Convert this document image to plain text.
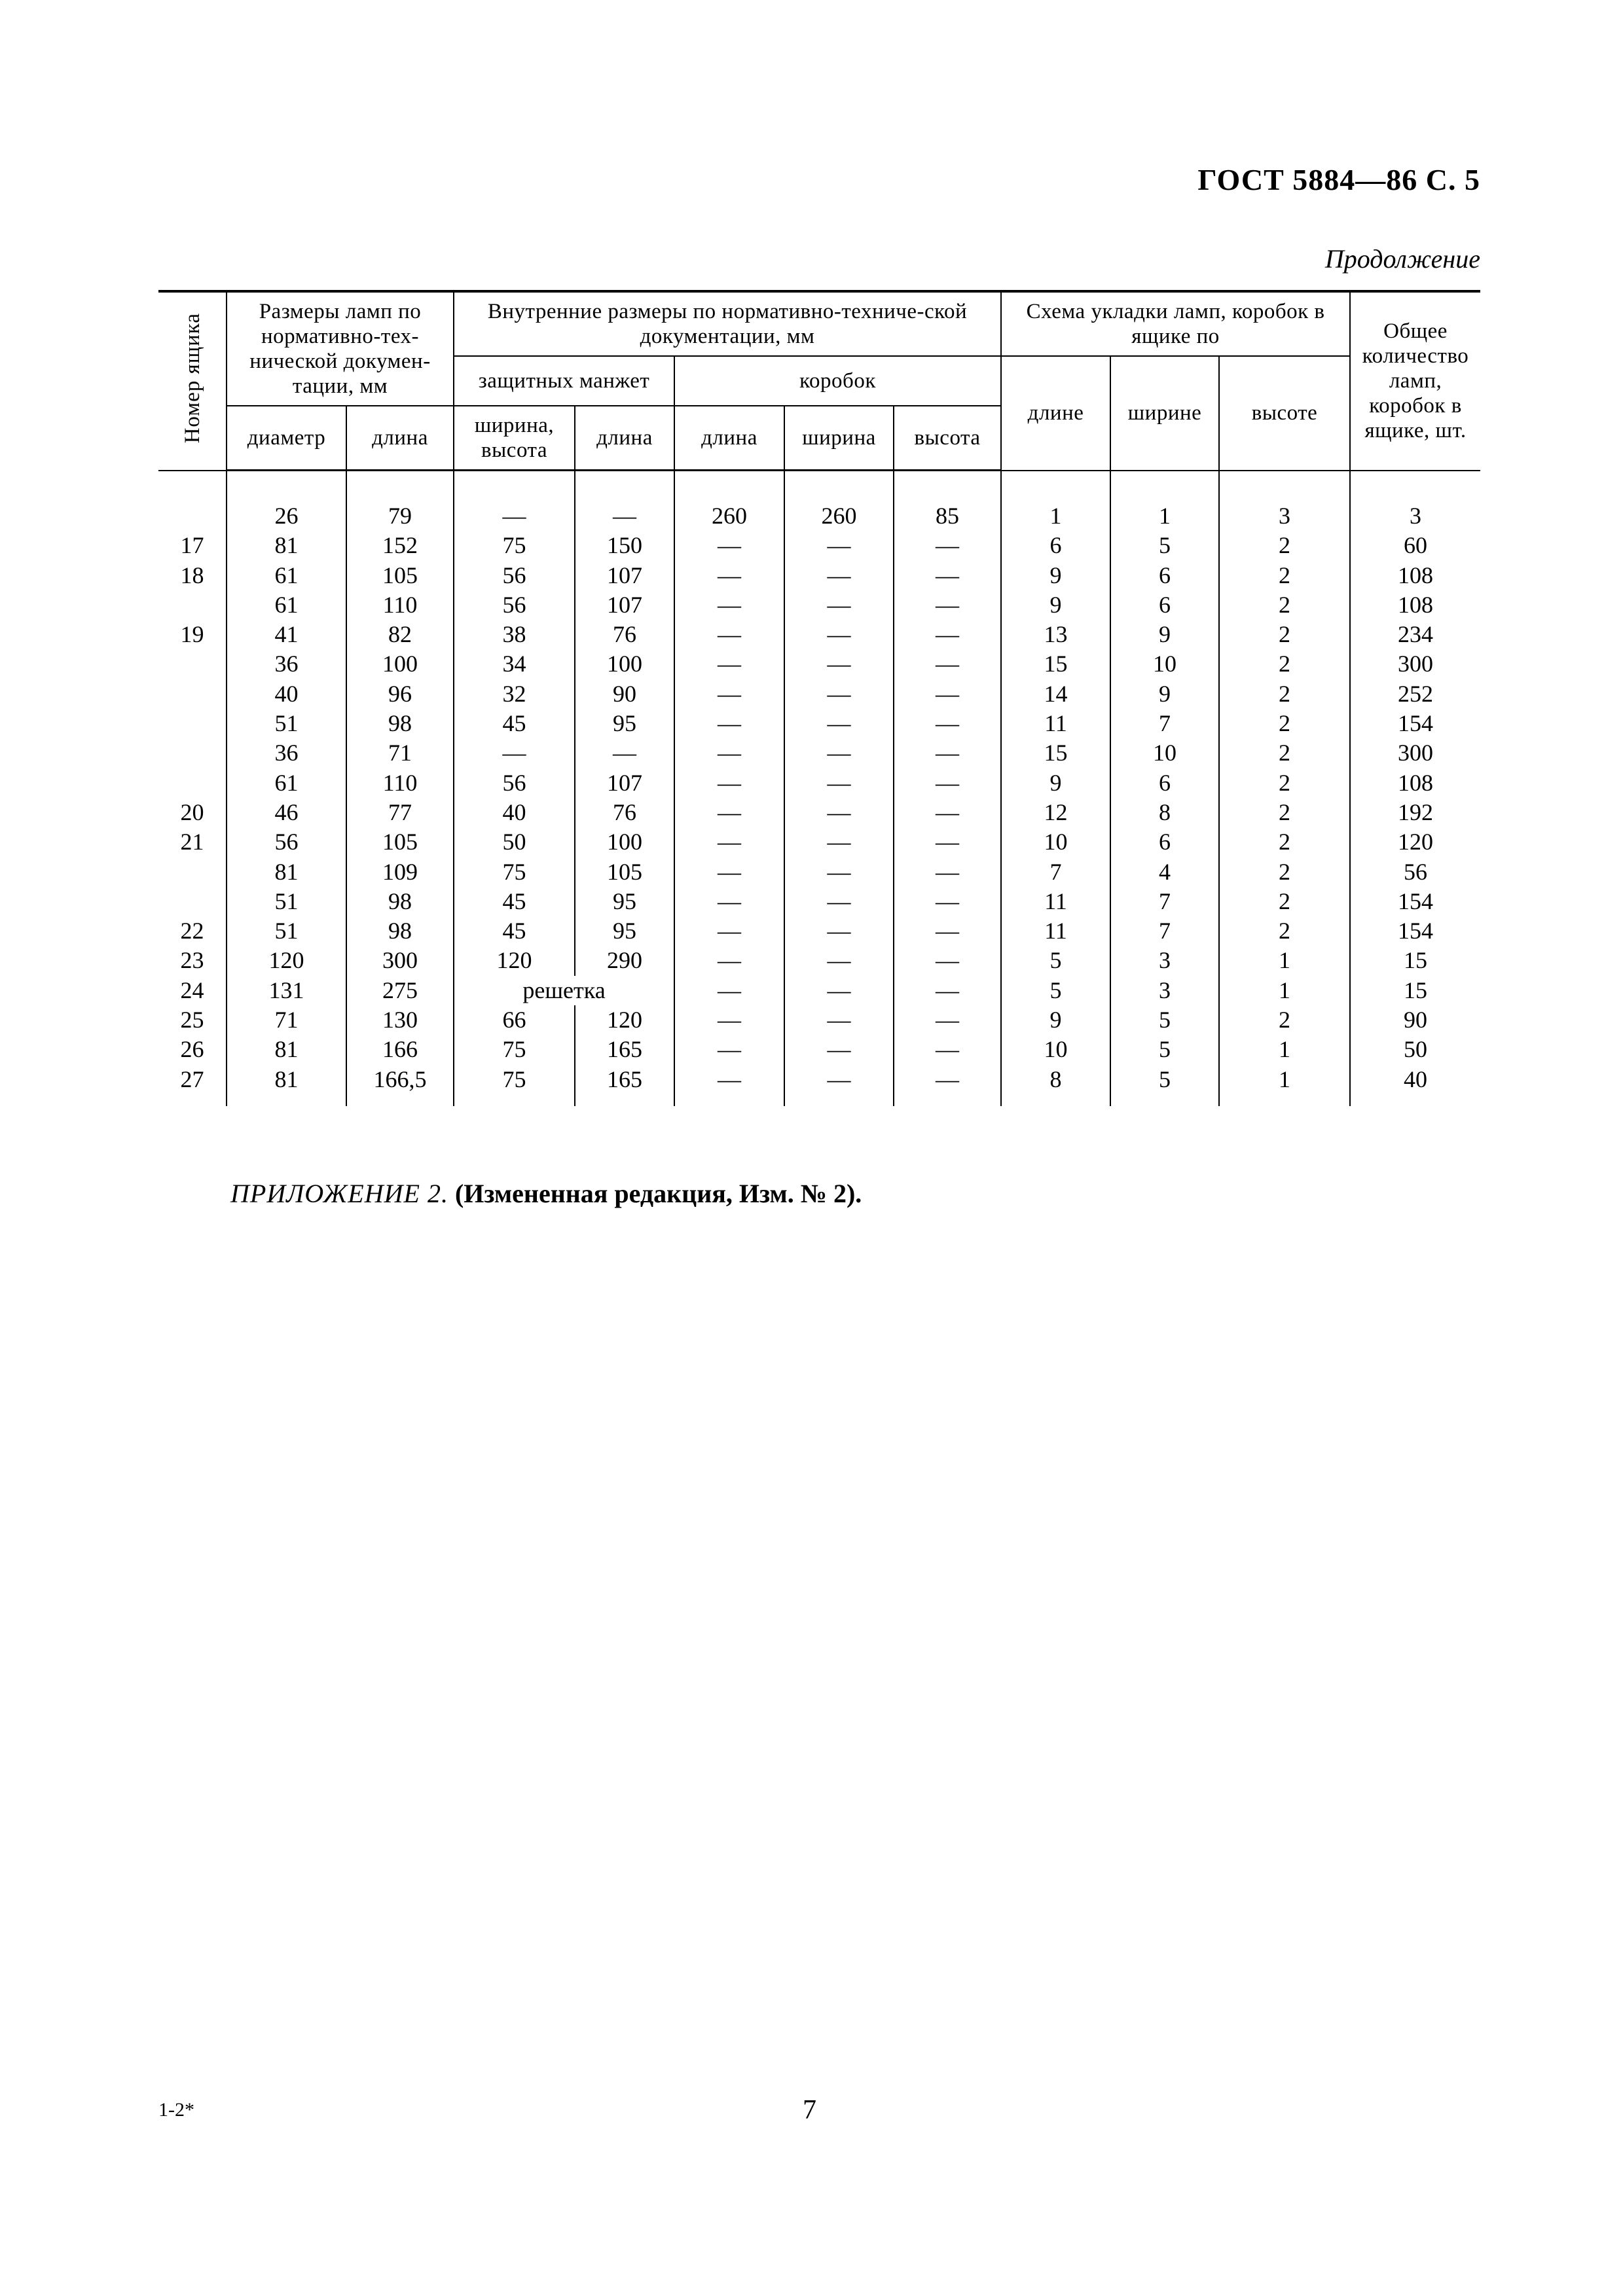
ГОСТ 5884—86 С. 5
Продолжение
Номер ящика	Размеры ламп по нормативно-тех-нической докумен-тации, мм		Внутренние размеры по нормативно-техниче-ской документации, мм					Схема укладки ламп, коробок в ящике по			Общее количество ламп, коробок в ящике, шт.
			защитных манжет		коробок			длине	ширине	высоте	
	диаметр	длина	ширина, высота	длина	длина	ширина	высота				

	26	79	—	—	260	260	85	1	1	3	3
17	81	152	75	150	—	—	—	6	5	2	60
18	61	105	56	107	—	—	—	9	6	2	108
	61	110	56	107	—	—	—	9	6	2	108
19	41	82	38	76	—	—	—	13	9	2	234
	36	100	34	100	—	—	—	15	10	2	300
	40	96	32	90	—	—	—	14	9	2	252
	51	98	45	95	—	—	—	11	7	2	154
	36	71	—	—	—	—	—	15	10	2	300
	61	110	56	107	—	—	—	9	6	2	108
20	46	77	40	76	—	—	—	12	8	2	192
21	56	105	50	100	—	—	—	10	6	2	120
	81	109	75	105	—	—	—	7	4	2	56
	51	98	45	95	—	—	—	11	7	2	154
22	51	98	45	95	—	—	—	11	7	2	154
23	120	300	120	290	—	—	—	5	3	1	15
24	131	275	решетка		—	—	—	5	3	1	15
25	71	130	66	120	—	—	—	9	5	2	90
26	81	166	75	165	—	—	—	10	5	1	50
27	81	166,5	75	165	—	—	—	8	5	1	40
ПРИЛОЖЕНИЕ 2. (Измененная редакция, Изм. № 2).
1-2*	7
